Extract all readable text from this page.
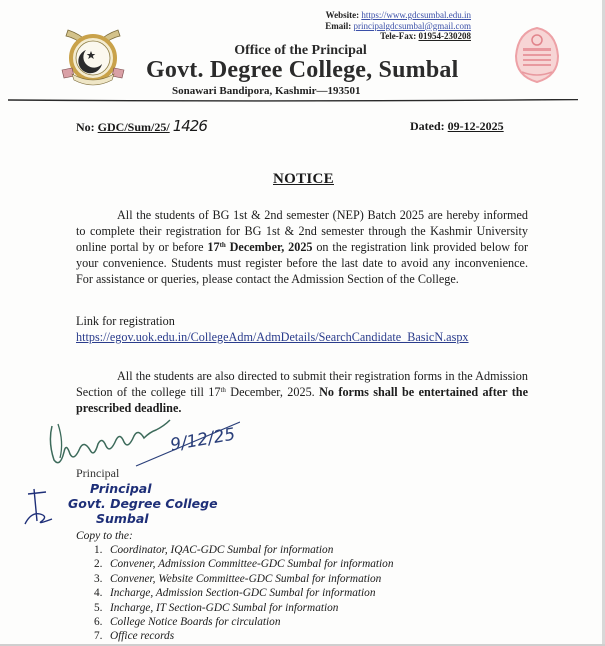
Website: https://www.gdcsumbal.edu.in
Email: principalgdcsumbal@gmail.com
Tele-Fax: 01954-230208
Office of the Principal
Govt. Degree College, Sumbal
Sonawari Bandipora, Kashmir—193501
No: GDC/Sum/25/ 1426	Dated: 09-12-2025
NOTICE
All the students of BG 1st & 2nd semester (NEP) Batch 2025 are hereby informed to complete their registration for BG 1st & 2nd semester through the Kashmir University online portal by or before 17th December, 2025 on the registration link provided below for your convenience. Students must register before the last date to avoid any inconvenience. For assistance or queries, please contact the Admission Section of the College.
Link for registration
https://egov.uok.edu.in/CollegeAdm/AdmDetails/SearchCandidate_BasicN.aspx
All the students are also directed to submit their registration forms in the Admission Section of the college till 17th December, 2025. No forms shall be entertained after the prescribed deadline.
9/12/25
Principal
Principal
Govt. Degree College
Sumbal
Copy to the:
1. Coordinator, IQAC-GDC Sumbal for information
2. Convener, Admission Committee-GDC Sumbal for information
3. Convener, Website Committee-GDC Sumbal for information
4. Incharge, Admission Section-GDC Sumbal for information
5. Incharge, IT Section-GDC Sumbal for information
6. College Notice Boards for circulation
7. Office records
